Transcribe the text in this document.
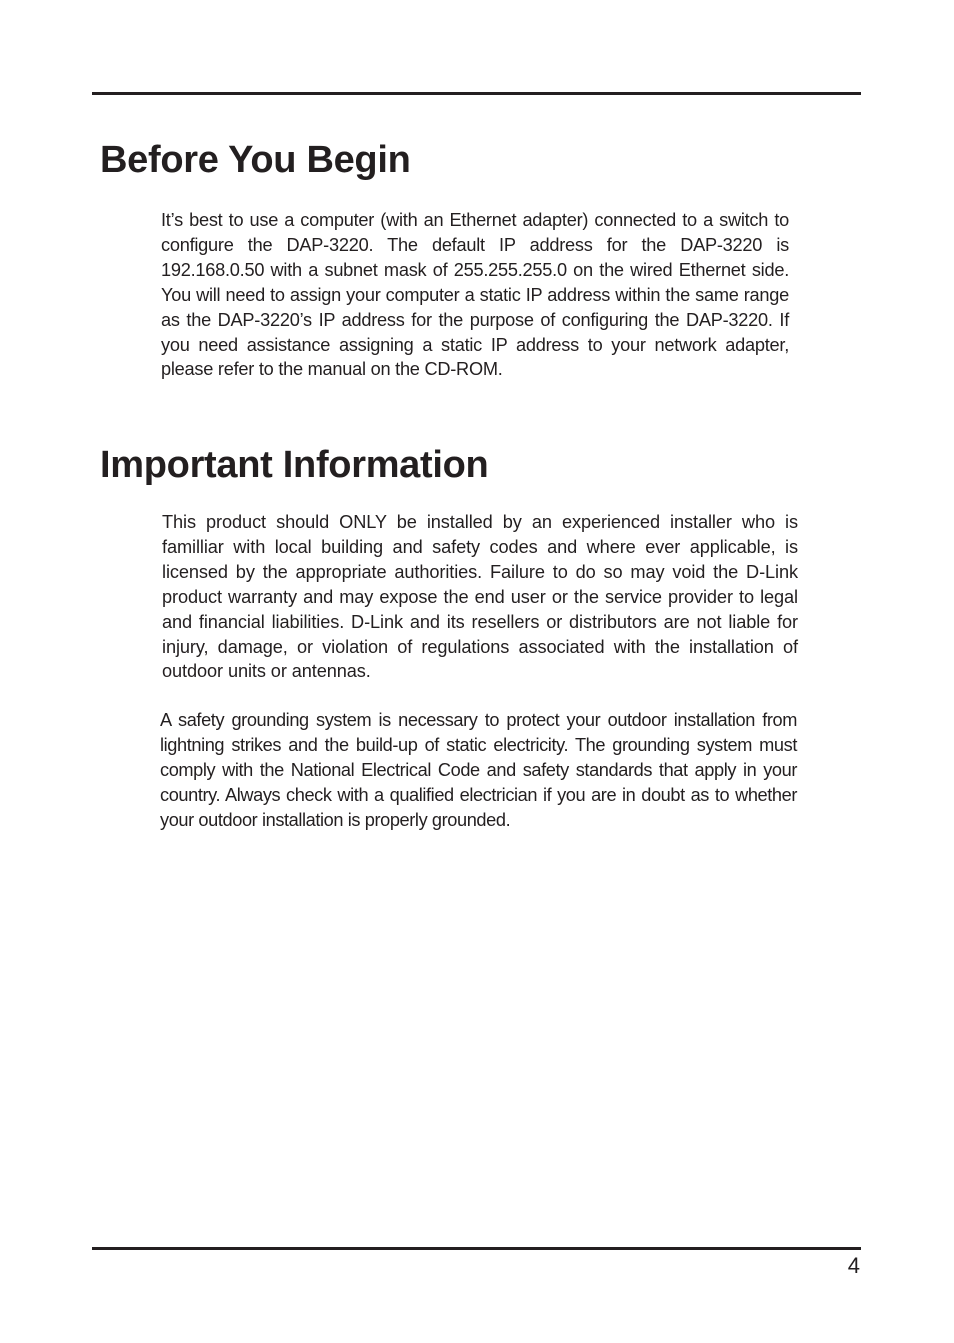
Before You Begin

It’s best to use a computer (with an Ethernet adapter) connected to a switch to configure the DAP-3220. The default IP address for the DAP-3220 is 192.168.0.50 with a subnet mask of 255.255.255.0 on the wired Ethernet side. You will need to assign your computer a static IP address within the same range as the DAP-3220’s IP address for the purpose of configuring the DAP-3220. If you need assistance assigning a static IP address to your network adapter, please refer to the manual on the CD-ROM.

Important Information

This product should ONLY be installed by an experienced installer who is familliar with local building and safety codes and where ever applicable, is licensed by the appropriate authorities. Failure to do so may void the D-Link product warranty and may expose the end user or the service provider to legal and financial liabilities. D-Link and its resellers or distributors are not liable for injury, damage, or violation of regulations associated with the installation of outdoor units or antennas.

A safety grounding system is necessary to protect your outdoor installation from lightning strikes and the build-up of static electricity. The grounding system must comply with the National Electrical Code and safety standards that apply in your country. Always check with a qualified electrician if you are in doubt as to whether your outdoor installation is properly grounded.

4
